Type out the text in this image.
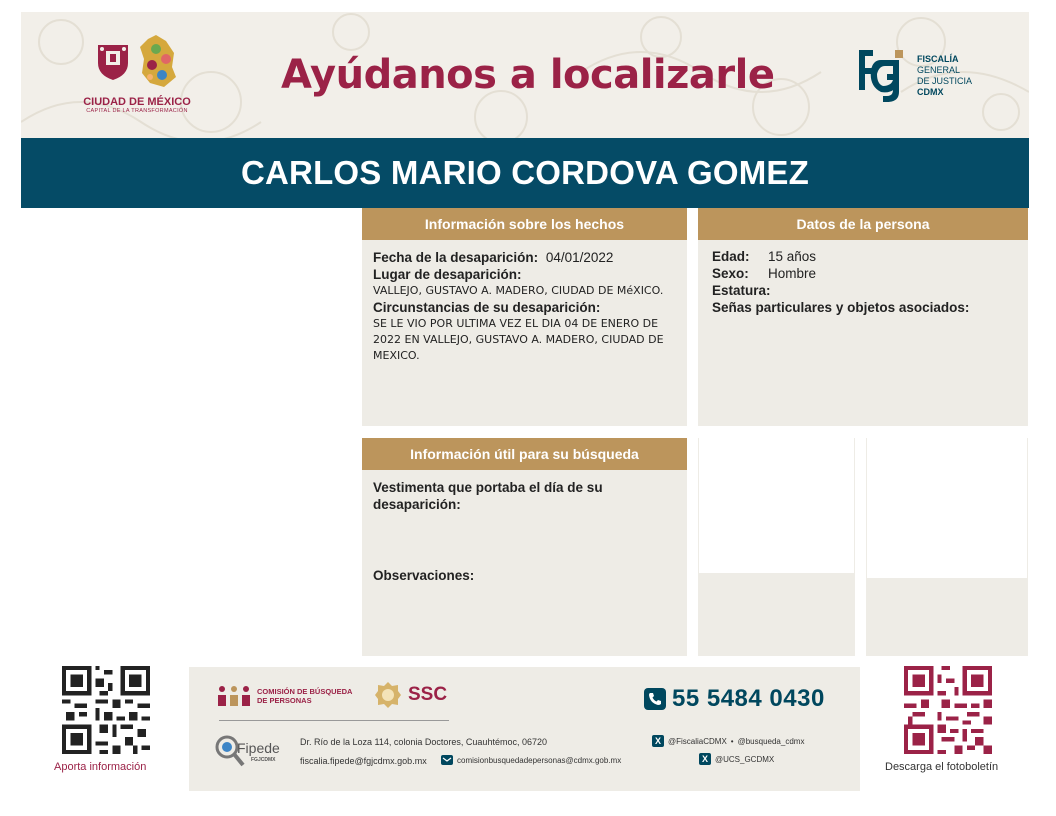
CIUDAD DE MÉXICO
CAPITAL DE LA TRANSFORMACIÓN
Ayúdanos a localizarle	FISCALÍA
GENERAL
DE JUSTICIA
CDMX
CARLOS MARIO CORDOVA GOMEZ
Información sobre los hechos
Fecha de la desaparición: 04/01/2022
Lugar de desaparición:
VALLEJO, GUSTAVO A. MADERO, CIUDAD DE MéXICO.
Circunstancias de su desaparición:
SE LE VIO POR ULTIMA VEZ EL DIA 04 DE ENERO DE 2022 EN VALLEJO, GUSTAVO A. MADERO, CIUDAD DE MEXICO.
Datos de la persona
Edad: 15 años
Sexo: Hombre
Estatura:
Señas particulares y objetos asociados:
Información útil para su búsqueda
Vestimenta que portaba el día de su desaparición:
Observaciones:
Aporta información
COMISIÓN DE BÚSQUEDA
DE PERSONAS	SSC	55 5484 0430
Fipede
FGJCDMX
Dr. Río de la Loza 114, colonia Doctores, Cuauhtémoc, 06720
fiscalia.fipede@fgjcdmx.gob.mx	comisionbusquedadepersonas@cdmx.gob.mx
X @FiscaliaCDMX • @busqueda_cdmx
X @UCS_GCDMX
Descarga el fotoboletín
